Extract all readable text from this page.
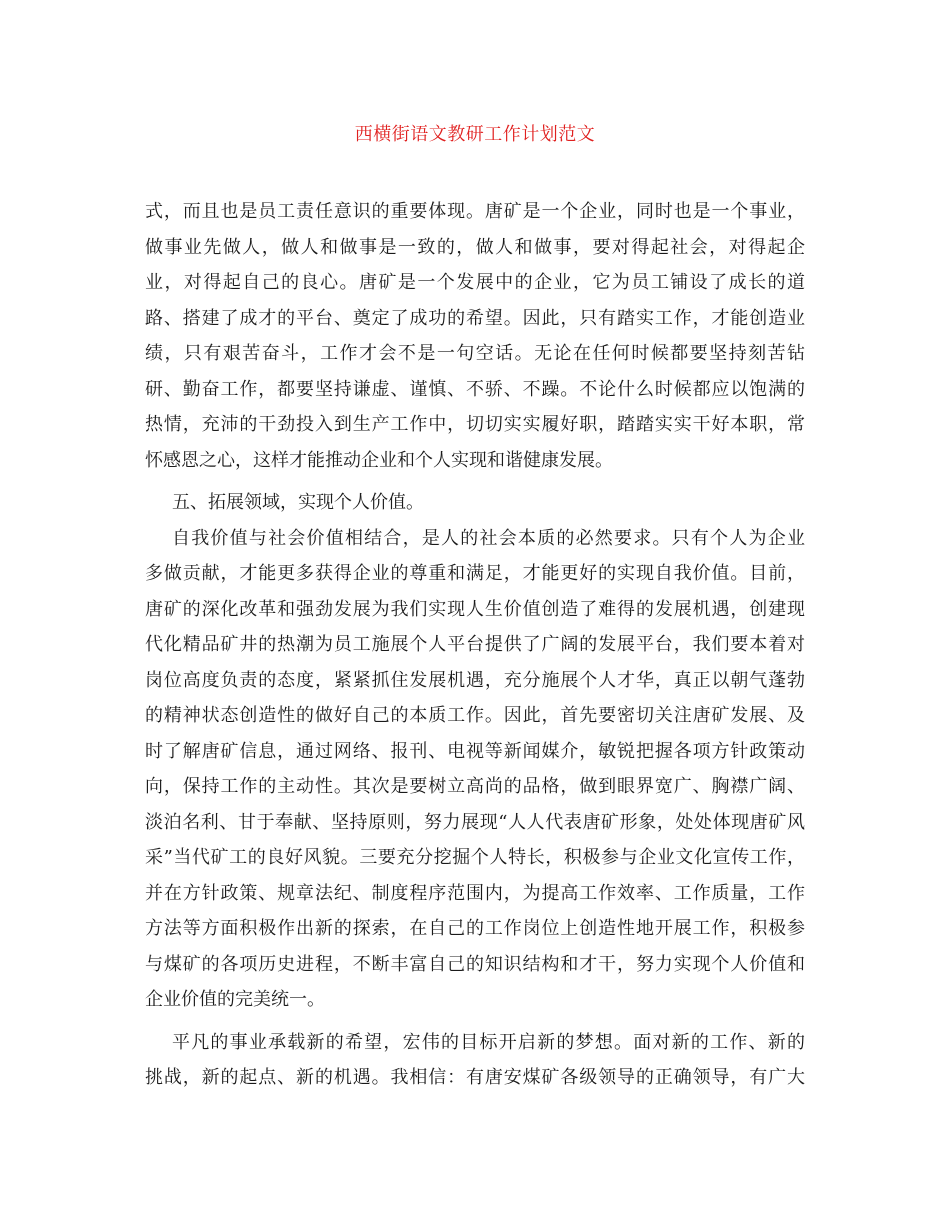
西横街语文教研工作计划范文
式，而且也是员工责任意识的重要体现。唐矿是一个企业，同时也是一个事业，
做事业先做人，做人和做事是一致的，做人和做事，要对得起社会，对得起企
业，对得起自己的良心。唐矿是一个发展中的企业，它为员工铺设了成长的道
路、搭建了成才的平台、奠定了成功的希望。因此，只有踏实工作，才能创造业
绩，只有艰苦奋斗，工作才会不是一句空话。无论在任何时候都要坚持刻苦钻
研、勤奋工作，都要坚持谦虚、谨慎、不骄、不躁。不论什么时候都应以饱满的
热情，充沛的干劲投入到生产工作中，切切实实履好职，踏踏实实干好本职，常
怀感恩之心，这样才能推动企业和个人实现和谐健康发展。
五、拓展领域，实现个人价值。
自我价值与社会价值相结合，是人的社会本质的必然要求。只有个人为企业
多做贡献，才能更多获得企业的尊重和满足，才能更好的实现自我价值。目前，
唐矿的深化改革和强劲发展为我们实现人生价值创造了难得的发展机遇，创建现
代化精品矿井的热潮为员工施展个人平台提供了广阔的发展平台，我们要本着对
岗位高度负责的态度，紧紧抓住发展机遇，充分施展个人才华，真正以朝气蓬勃
的精神状态创造性的做好自己的本质工作。因此，首先要密切关注唐矿发展、及
时了解唐矿信息，通过网络、报刊、电视等新闻媒介，敏锐把握各项方针政策动
向，保持工作的主动性。其次是要树立高尚的品格，做到眼界宽广、胸襟广阔、
淡泊名利、甘于奉献、坚持原则，努力展现“人人代表唐矿形象，处处体现唐矿风
采”当代矿工的良好风貌。三要充分挖掘个人特长，积极参与企业文化宣传工作，
并在方针政策、规章法纪、制度程序范围内，为提高工作效率、工作质量，工作
方法等方面积极作出新的探索，在自己的工作岗位上创造性地开展工作，积极参
与煤矿的各项历史进程，不断丰富自己的知识结构和才干，努力实现个人价值和
企业价值的完美统一。
平凡的事业承载新的希望，宏伟的目标开启新的梦想。面对新的工作、新的
挑战，新的起点、新的机遇。我相信：有唐安煤矿各级领导的正确领导，有广大
